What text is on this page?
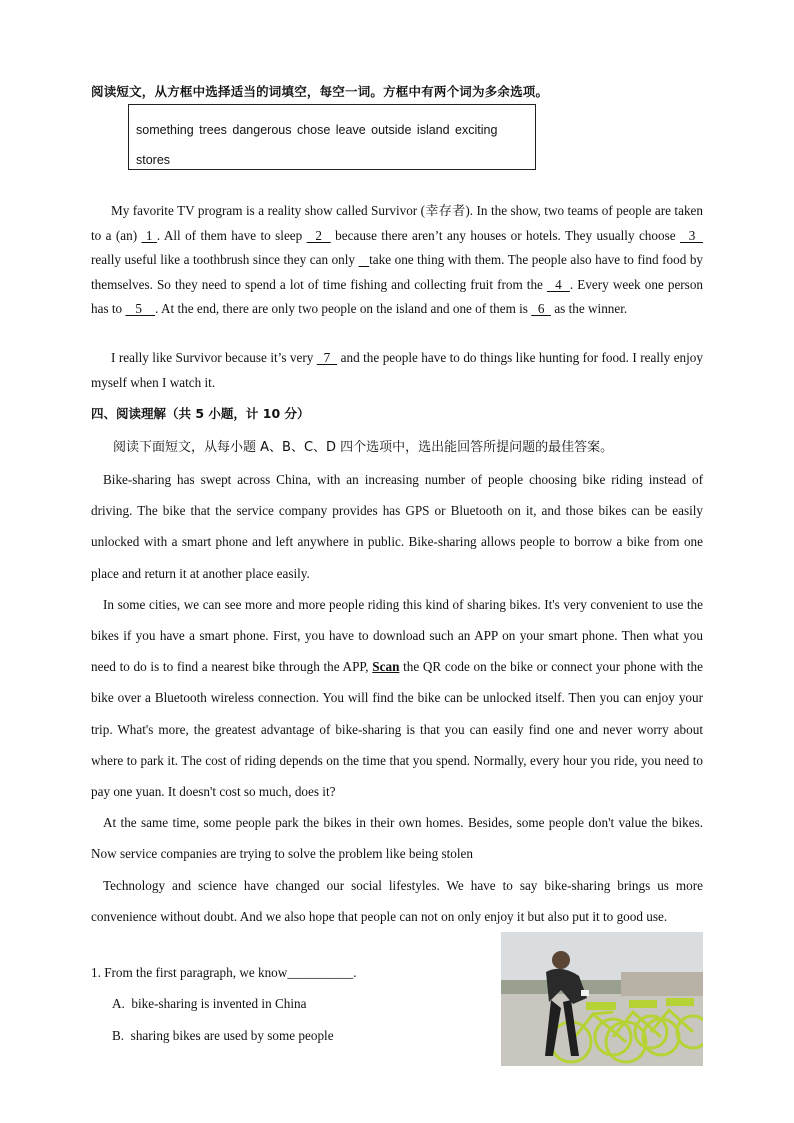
阅读短文，从方框中选择适当的词填空，每空一词。方框中有两个词为多余选项。
something trees dangerous chose leave outside island exciting stores
My favorite TV program is a reality show called Survivor (幸存者). In the show, two teams of people are taken to a (an)  1 . All of them have to sleep   2   because there aren’t any houses or hotels. They usually choose   3   really useful like a toothbrush since they can only    take one thing with them. The people also have to find food by themselves. So they need to spend a lot of time fishing and collecting fruit from the   4  . Every week one person has to    5    . At the end, there are only two people on the island and one of them is   6   as the winner.
I really like Survivor because it’s very   7   and the people have to do things like hunting for food. I really enjoy myself when I watch it.
四、阅读理解（共 5 小题，计 10 分）
阅读下面短文，从每小题 A、B、C、D 四个选项中，选出能回答所提问题的最佳答案。

Bike-sharing has swept across China, with an increasing number of people choosing bike riding instead of driving. The bike that the service company provides has GPS or Bluetooth on it, and those bikes can be easily unlocked with a smart phone and left anywhere in public. Bike-sharing allows people to borrow a bike from one place and return it at another place easily.

In some cities, we can see more and more people riding this kind of sharing bikes. It's very convenient to use the bikes if you have a smart phone. First, you have to download such an APP on your smart phone. Then what you need to do is to find a nearest bike through the APP, Scan the QR code on the bike or connect your phone with the bike over a Bluetooth wireless connection. You will find the bike can be unlocked itself. Then you can enjoy your trip. What's more, the greatest advantage of bike-sharing is that you can easily find one and never worry about where to park it. The cost of riding depends on the time that you spend. Normally, every hour you ride, you need to pay one yuan. It doesn't cost so much, does it?

At the same time, some people park the bikes in their own homes. Besides, some people don't value the bikes. Now service companies are trying to solve the problem like being stolen

Technology and science have changed our social lifestyles. We have to say bike-sharing brings us more convenience without doubt. And we also hope that people can not on only enjoy it but also put it to good use.

1. From the first paragraph, we know__________.
A.  bike-sharing is invented in China
B.  sharing bikes are used by some people
